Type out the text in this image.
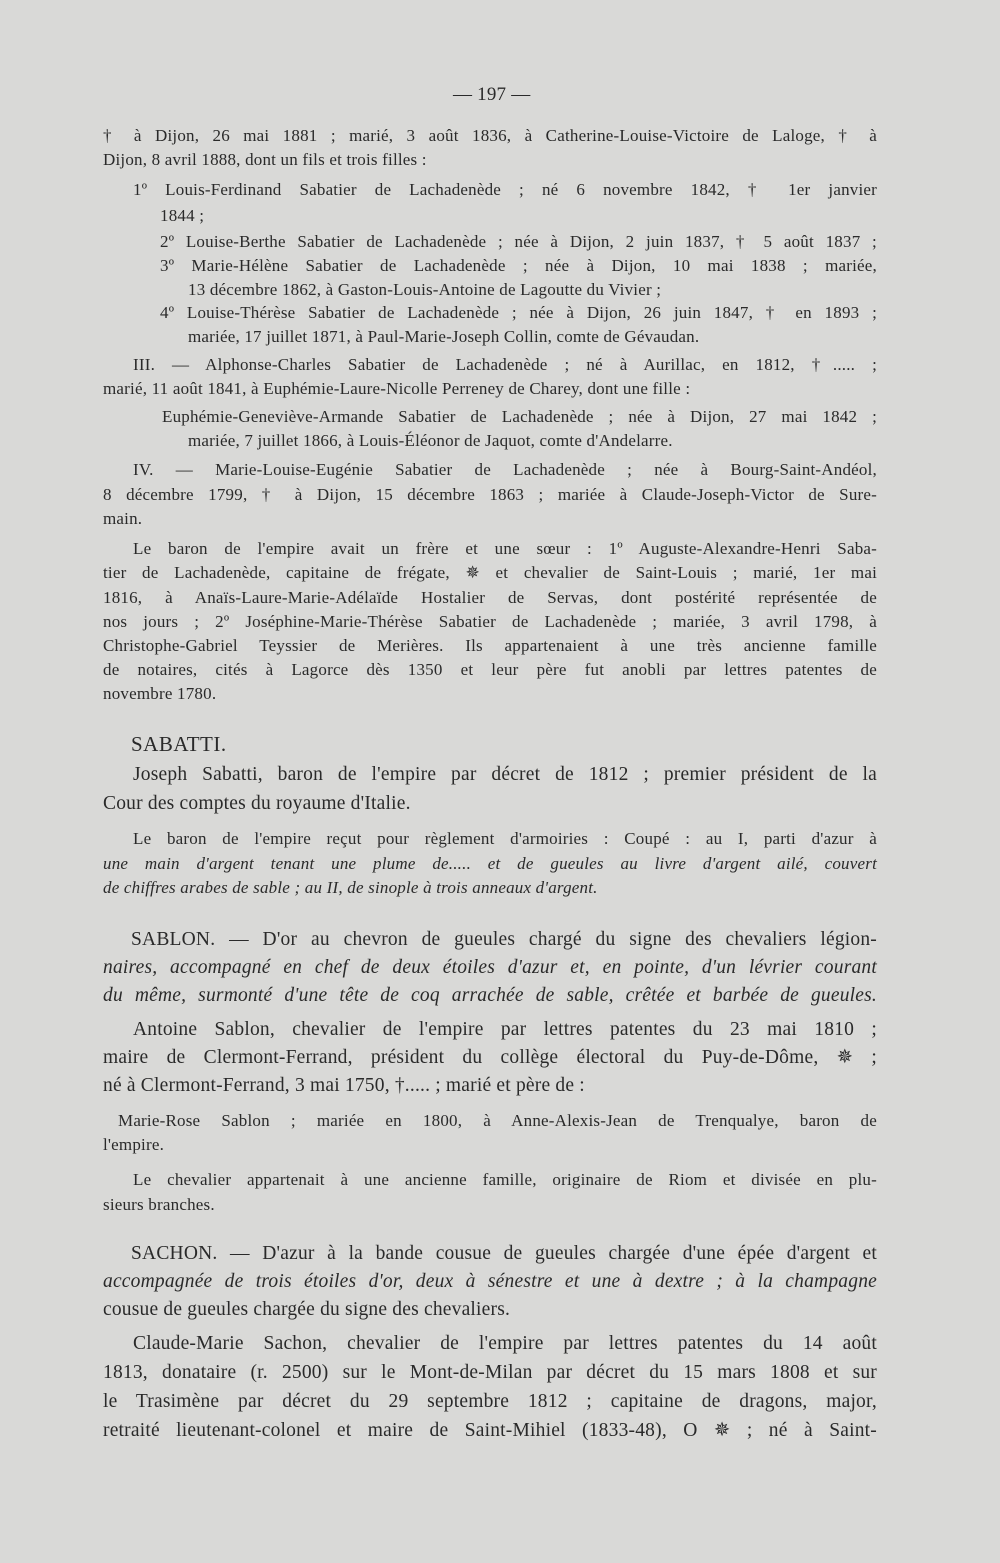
— 197 —
† à Dijon, 26 mai 1881 ; marié, 3 août 1836, à Catherine-Louise-Victoire de Laloge, † à
Dijon, 8 avril 1888, dont un fils et trois filles :
1º Louis-Ferdinand Sabatier de Lachadenède ; né 6 novembre 1842, † 1er janvier
1844 ;
2º Louise-Berthe Sabatier de Lachadenède ; née à Dijon, 2 juin 1837, † 5 août 1837 ;
3º Marie-Hélène Sabatier de Lachadenède ; née à Dijon, 10 mai 1838 ; mariée,
13 décembre 1862, à Gaston-Louis-Antoine de Lagoutte du Vivier ;
4º Louise-Thérèse Sabatier de Lachadenède ; née à Dijon, 26 juin 1847, † en 1893 ;
mariée, 17 juillet 1871, à Paul-Marie-Joseph Collin, comte de Gévaudan.
III. — Alphonse-Charles Sabatier de Lachadenède ; né à Aurillac, en 1812, †..... ;
marié, 11 août 1841, à Euphémie-Laure-Nicolle Perreney de Charey, dont une fille :
Euphémie-Geneviève-Armande Sabatier de Lachadenède ; née à Dijon, 27 mai 1842 ;
mariée, 7 juillet 1866, à Louis-Éléonor de Jaquot, comte d'Andelarre.
IV. — Marie-Louise-Eugénie Sabatier de Lachadenède ; née à Bourg-Saint-Andéol,
8 décembre 1799, † à Dijon, 15 décembre 1863 ; mariée à Claude-Joseph-Victor de Sure-
main.
Le baron de l'empire avait un frère et une sœur : 1º Auguste-Alexandre-Henri Saba-
tier de Lachadenède, capitaine de frégate, ✵ et chevalier de Saint-Louis ; marié, 1er mai
1816, à Anaïs-Laure-Marie-Adélaïde Hostalier de Servas, dont postérité représentée de
nos jours ; 2º Joséphine-Marie-Thérèse Sabatier de Lachadenède ; mariée, 3 avril 1798, à
Christophe-Gabriel Teyssier de Merières. Ils appartenaient à une très ancienne famille
de notaires, cités à Lagorce dès 1350 et leur père fut anobli par lettres patentes de
novembre 1780.
SABATTI.
Joseph Sabatti, baron de l'empire par décret de 1812 ; premier président de la
Cour des comptes du royaume d'Italie.
Le baron de l'empire reçut pour règlement d'armoiries : Coupé : au I, parti d'azur à
une main d'argent tenant une plume de..... et de gueules au livre d'argent ailé, couvert
de chiffres arabes de sable ; au II, de sinople à trois anneaux d'argent.
SABLON. — D'or au chevron de gueules chargé du signe des chevaliers légion-
naires, accompagné en chef de deux étoiles d'azur et, en pointe, d'un lévrier courant
du même, surmonté d'une tête de coq arrachée de sable, crêtée et barbée de gueules.
Antoine Sablon, chevalier de l'empire par lettres patentes du 23 mai 1810 ;
maire de Clermont-Ferrand, président du collège électoral du Puy-de-Dôme, ✵ ;
né à Clermont-Ferrand, 3 mai 1750, †..... ; marié et père de :
Marie-Rose Sablon ; mariée en 1800, à Anne-Alexis-Jean de Trenqualye, baron de
l'empire.
Le chevalier appartenait à une ancienne famille, originaire de Riom et divisée en plu-
sieurs branches.
SACHON. — D'azur à la bande cousue de gueules chargée d'une épée d'argent et
accompagnée de trois étoiles d'or, deux à sénestre et une à dextre ; à la champagne
cousue de gueules chargée du signe des chevaliers.
Claude-Marie Sachon, chevalier de l'empire par lettres patentes du 14 août
1813, donataire (r. 2500) sur le Mont-de-Milan par décret du 15 mars 1808 et sur
le Trasimène par décret du 29 septembre 1812 ; capitaine de dragons, major,
retraité lieutenant-colonel et maire de Saint-Mihiel (1833-48), O ✵ ; né à Saint-
